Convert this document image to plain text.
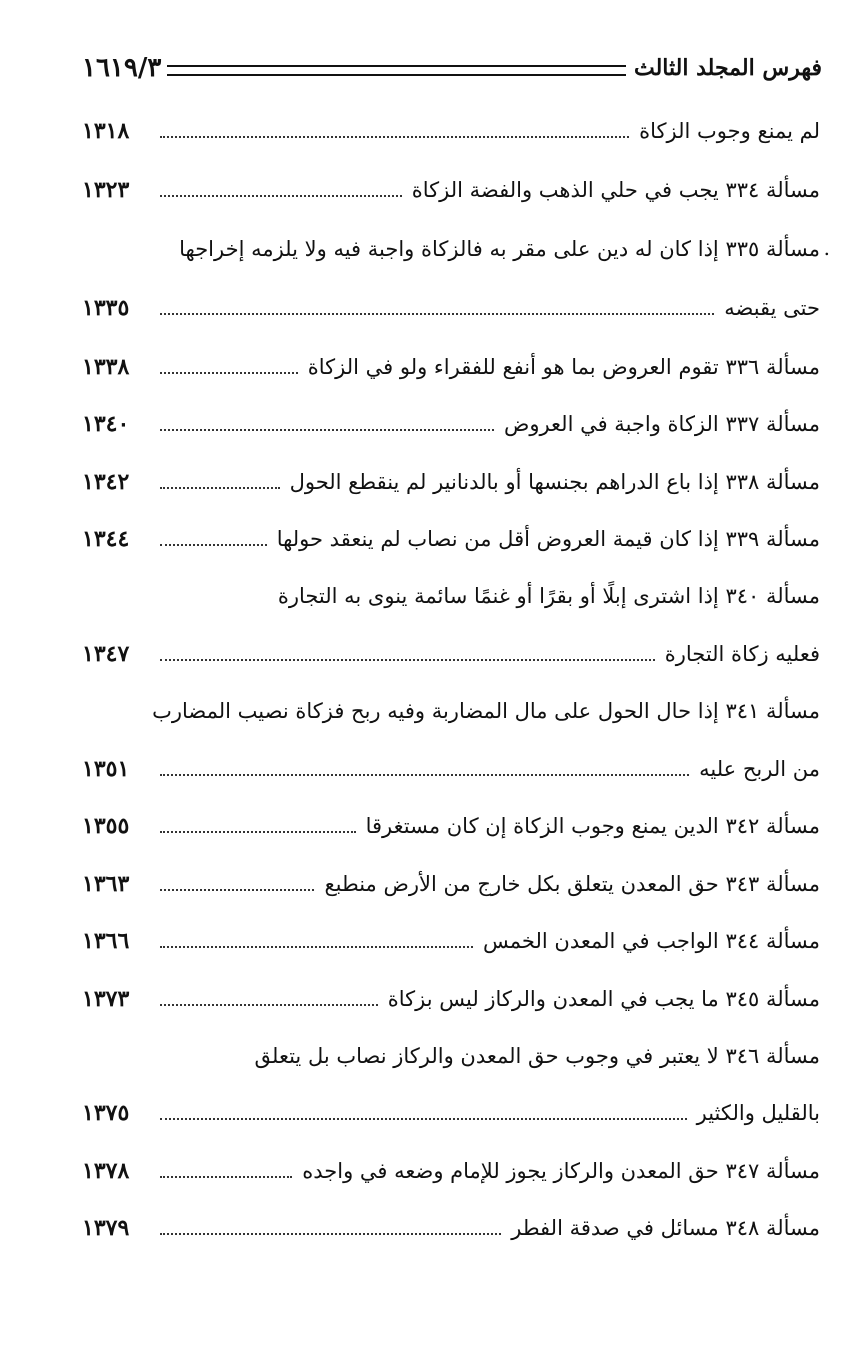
فهرس المجلد الثالث
١٦١٩/٣
.
لم يمنع وجوب الزكاة
١٣١٨
مسألة ٣٣٤ يجب في حلي الذهب والفضة الزكاة
١٣٢٣
مسألة ٣٣٥ إذا كان له دين على مقر به فالزكاة واجبة فيه ولا يلزمه إخراجها
حتى يقبضه
١٣٣٥
مسألة ٣٣٦ تقوم العروض بما هو أنفع للفقراء ولو في الزكاة
١٣٣٨
مسألة ٣٣٧ الزكاة واجبة في العروض
١٣٤٠
مسألة ٣٣٨ إذا باع الدراهم بجنسها أو بالدنانير لم ينقطع الحول
١٣٤٢
مسألة ٣٣٩ إذا كان قيمة العروض أقل من نصاب لم ينعقد حولها
١٣٤٤
مسألة ٣٤٠ إذا اشترى إبلًا أو بقرًا أو غنمًا سائمة ينوى به التجارة
فعليه زكاة التجارة
١٣٤٧
مسألة ٣٤١ إذا حال الحول على مال المضاربة وفيه ربح فزكاة نصيب المضارب
من الربح عليه
١٣٥١
مسألة ٣٤٢ الدين يمنع وجوب الزكاة إن كان مستغرقا
١٣٥٥
مسألة ٣٤٣ حق المعدن يتعلق بكل خارج من الأرض منطبع
١٣٦٣
مسألة ٣٤٤ الواجب في المعدن الخمس
١٣٦٦
مسألة ٣٤٥ ما يجب في المعدن والركاز ليس بزكاة
١٣٧٣
مسألة ٣٤٦ لا يعتبر في وجوب حق المعدن والركاز نصاب بل يتعلق
بالقليل والكثير
١٣٧٥
مسألة ٣٤٧ حق المعدن والركاز يجوز للإمام وضعه في واجده
١٣٧٨
مسألة ٣٤٨ مسائل في صدقة الفطر
١٣٧٩
